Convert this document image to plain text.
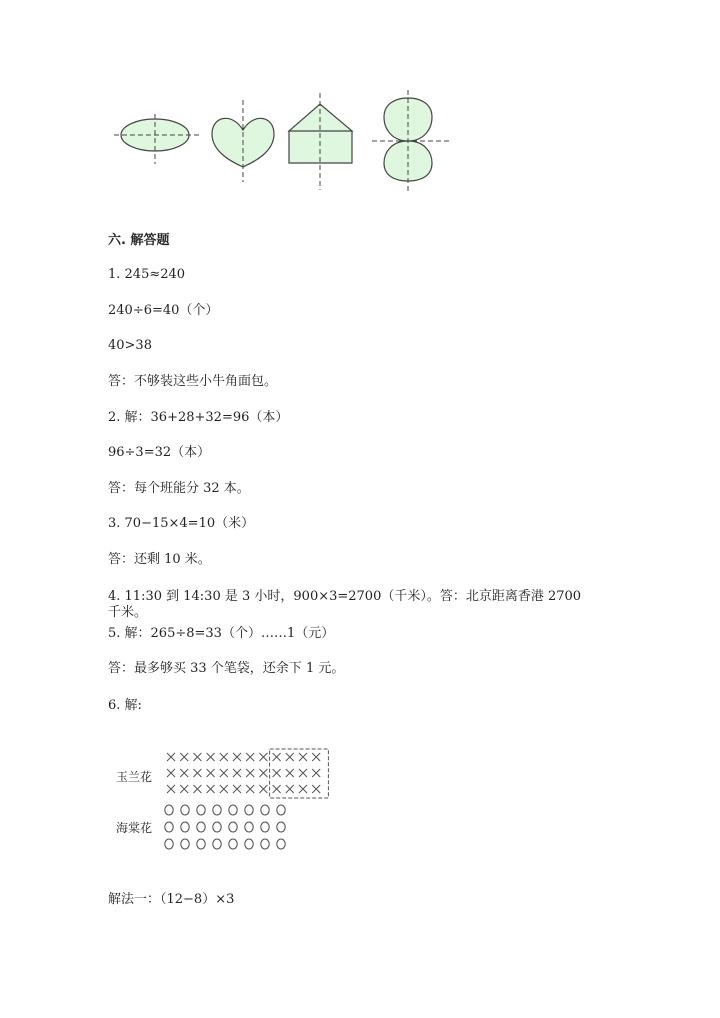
六. 解答题
1. 245≈240
240÷6=40（个）
40>38
答：不够装这些小牛角面包。
2. 解：36+28+32=96（本）
96÷3=32（本）
答：每个班能分 32 本。
3. 70−15×4=10（米）
答：还剩 10 米。
4. 11:30 到 14:30 是 3 小时，900×3=2700（千米）。答：北京距离香港 2700
千米。
5. 解：265÷8=33（个）……1（元）
答：最多够买 33 个笔袋，还余下 1 元。
6. 解:
玉兰花
海棠花
解法一：（12−8）×3
